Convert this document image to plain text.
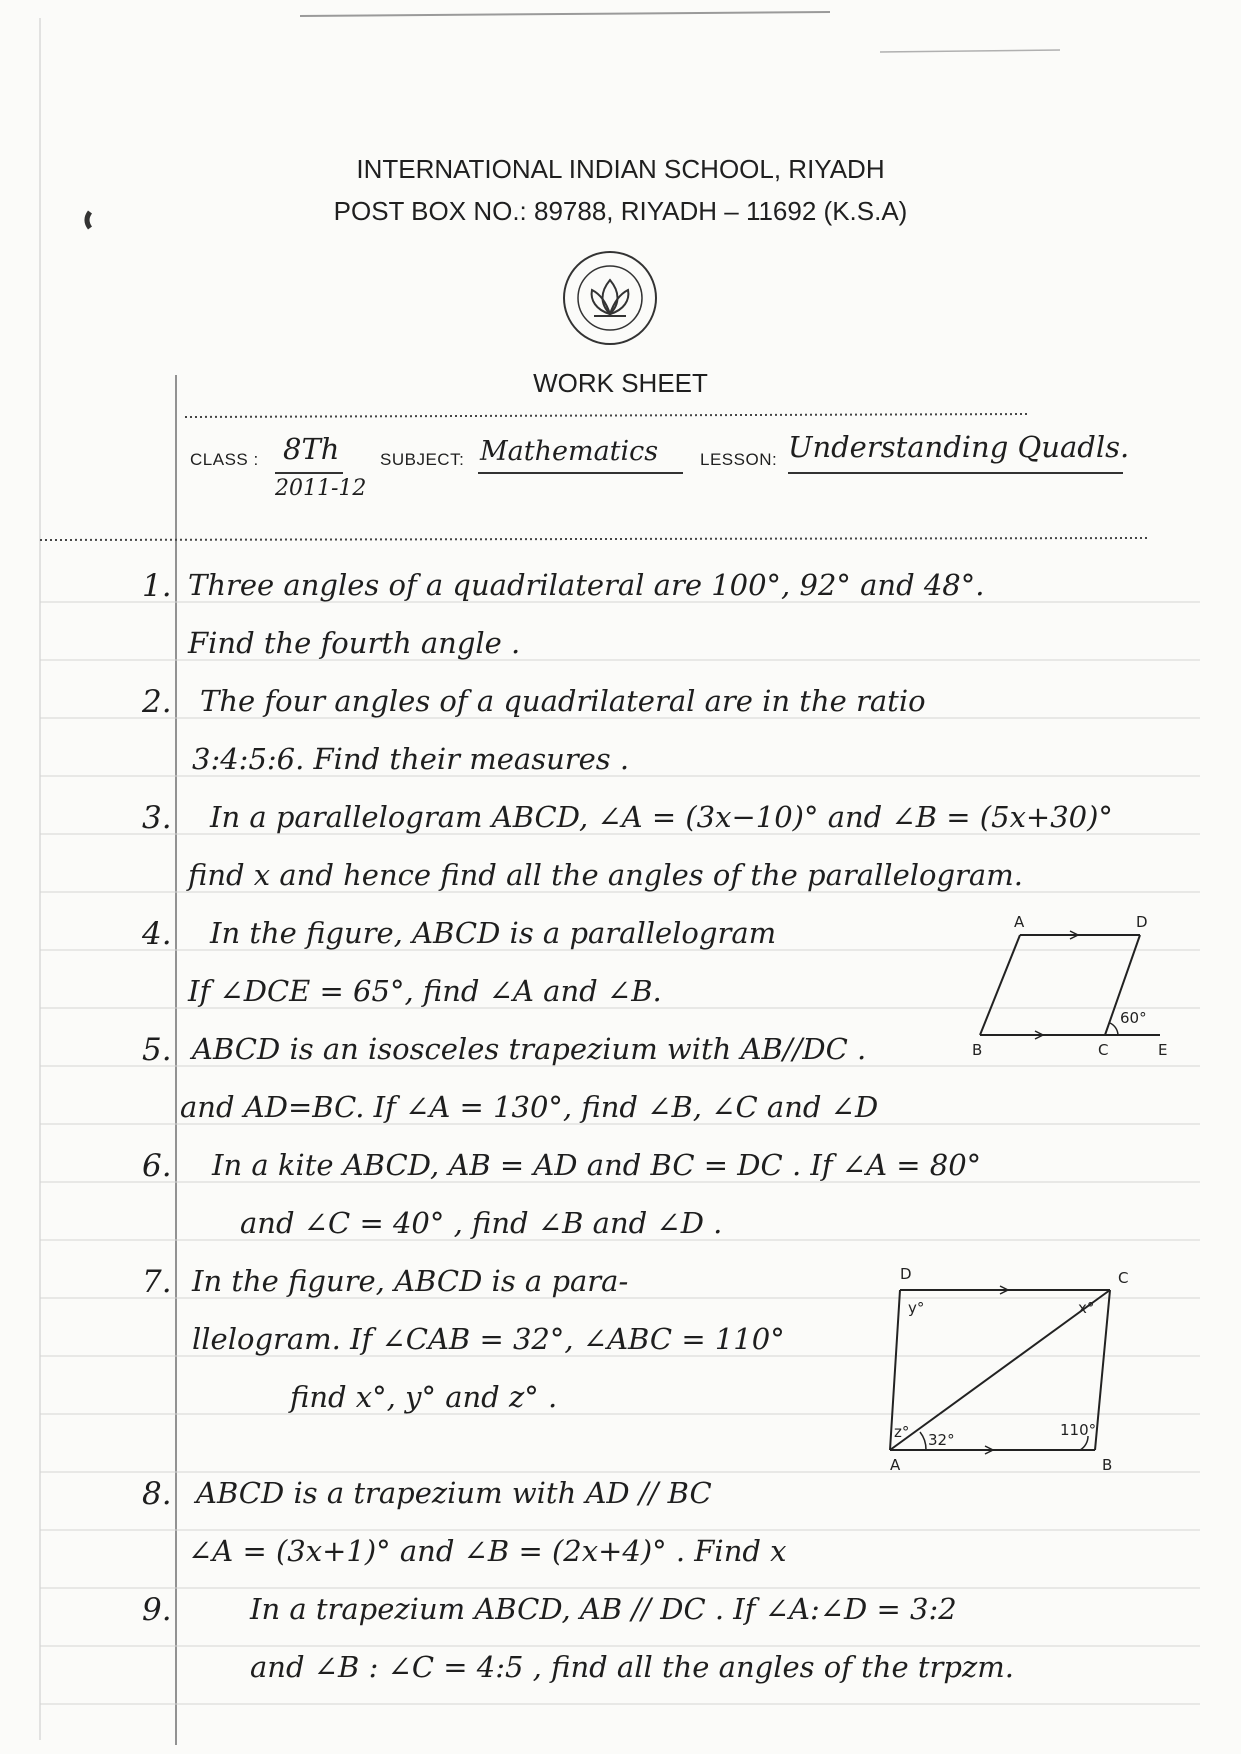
INTERNATIONAL INDIAN SCHOOL, RIYADH
POST BOX NO.: 89788, RIYADH – 11692 (K.S.A)
WORK SHEET
CLASS : 8Th
2011-12
SUBJECT: Mathematics LESSON: Understanding Quadls.
1. Three angles of a quadrilateral are 100°, 92° and 48°.
Find the fourth angle .
2. The four angles of a quadrilateral are in the ratio
3:4:5:6. Find their measures .
3. In a parallelogram ABCD, ∠A = (3x−10)° and ∠B = (5x+30)°
find x and hence find all the angles of the parallelogram.
4. In the figure, ABCD is a parallelogram
If ∠DCE = 65°, find ∠A and ∠B.
A	D
B	C	E
60°
5. ABCD is an isosceles trapezium with AB//DC .
and AD=BC. If ∠A = 130°, find ∠B, ∠C and ∠D
6. In a kite ABCD, AB = AD and BC = DC . If ∠A = 80°
and ∠C = 40° , find ∠B and ∠D .
7. In the figure, ABCD is a para-
llelogram. If ∠CAB = 32°, ∠ABC = 110°
find x°, y° and z° .
D	C
A	B
y°	x°
z° 32°
110°
8. ABCD is a trapezium with AD // BC
∠A = (3x+1)° and ∠B = (2x+4)° . Find x
9.	In a trapezium ABCD, AB // DC . If ∠A:∠D = 3:2
and ∠B : ∠C = 4:5 , find all the angles of the trpzm.
